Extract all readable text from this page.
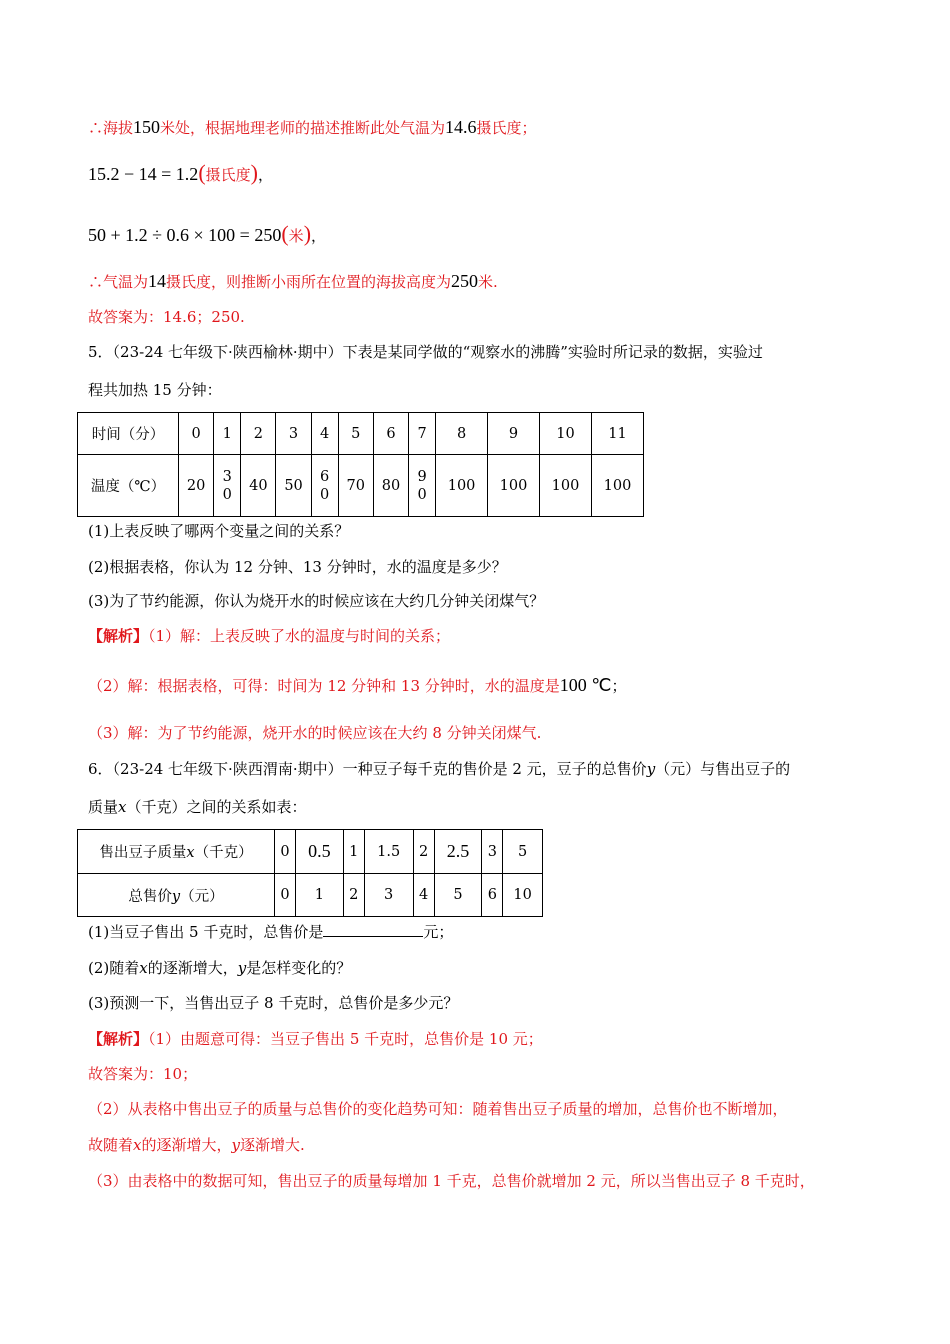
∴海拔150米处，根据地理老师的描述推断此处气温为14.6摄氏度；
15.2 − 14 = 1.2(摄氏度)，
50 + 1.2 ÷ 0.6 × 100 = 250(米)，
∴气温为14摄氏度，则推断小雨所在位置的海拔高度为250米.
故答案为：14.6；250.
5．（23-24 七年级下·陕西榆林·期中）下表是某同学做的“观察水的沸腾”实验时所记录的数据，实验过
程共加热 15 分钟：
时间（分）	0	1	2	3	4	5	6	7	8	9	10	11
温度（℃）	20	30	40	50	60	70	80	90	100	100	100	100
(1)上表反映了哪两个变量之间的关系？
(2)根据表格，你认为 12 分钟、13 分钟时，水的温度是多少？
(3)为了节约能源，你认为烧开水的时候应该在大约几分钟关闭煤气？
【解析】（1）解：上表反映了水的温度与时间的关系；
（2）解：根据表格，可得：时间为 12 分钟和 13 分钟时，水的温度是100 ℃；
（3）解：为了节约能源，烧开水的时候应该在大约 8 分钟关闭煤气.
6．（23-24 七年级下·陕西渭南·期中）一种豆子每千克的售价是 2 元，豆子的总售价y（元）与售出豆子的
质量x（千克）之间的关系如表：
售出豆子质量x（千克）	0	0.5	1	1.5	2	2.5	3	5
总售价y（元）	0	1	2	3	4	5	6	10
(1)当豆子售出 5 千克时，总售价是	元；
(2)随着x的逐渐增大，y是怎样变化的？
(3)预测一下，当售出豆子 8 千克时，总售价是多少元？
【解析】（1）由题意可得：当豆子售出 5 千克时，总售价是 10 元；
故答案为：10；
（2）从表格中售出豆子的质量与总售价的变化趋势可知：随着售出豆子质量的增加，总售价也不断增加，
故随着x的逐渐增大，y逐渐增大.
（3）由表格中的数据可知，售出豆子的质量每增加 1 千克，总售价就增加 2 元，所以当售出豆子 8 千克时，
